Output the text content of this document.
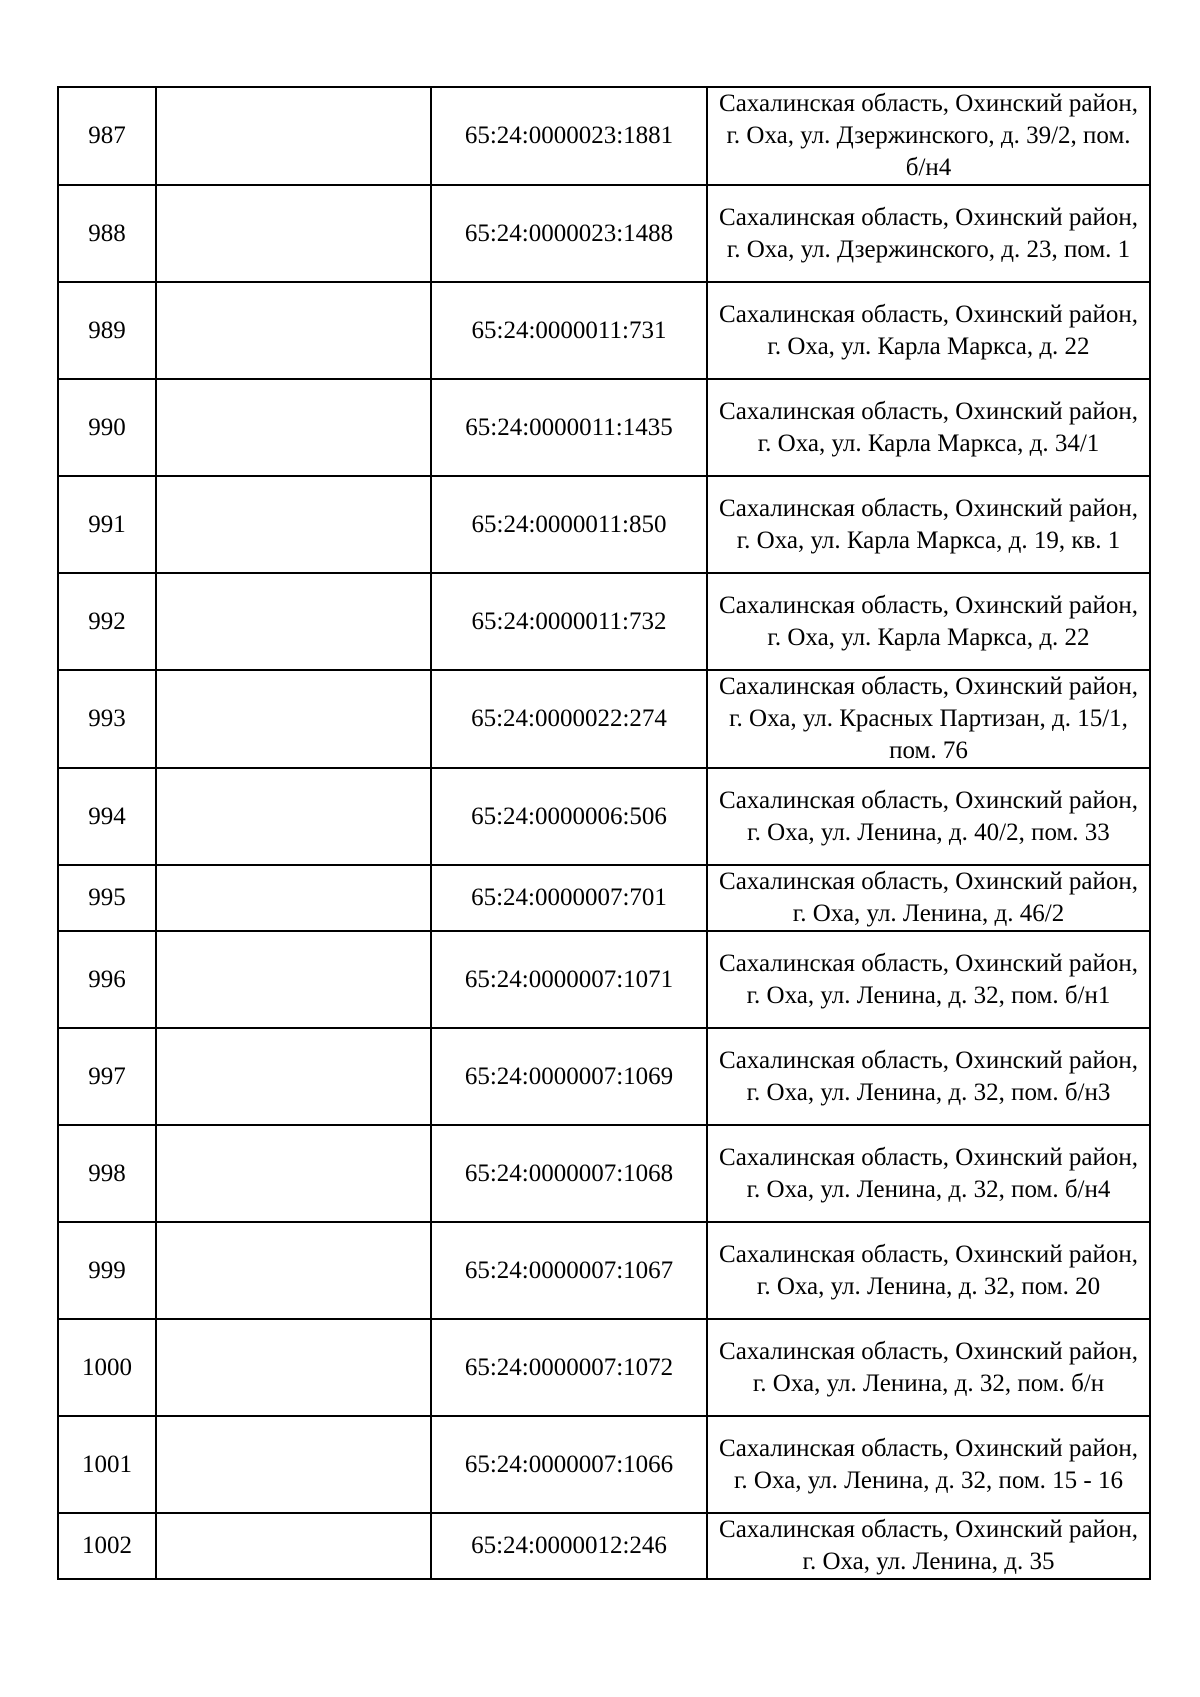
987		65:24:0000023:1881	Сахалинская область, Охинский район, г. Оха, ул. Дзержинского, д. 39/2, пом. б/н4
988		65:24:0000023:1488	Сахалинская область, Охинский район, г. Оха, ул. Дзержинского, д. 23, пом. 1
989		65:24:0000011:731	Сахалинская область, Охинский район, г. Оха, ул. Карла Маркса, д. 22
990		65:24:0000011:1435	Сахалинская область, Охинский район, г. Оха, ул. Карла Маркса, д. 34/1
991		65:24:0000011:850	Сахалинская область, Охинский район, г. Оха, ул. Карла Маркса, д. 19, кв. 1
992		65:24:0000011:732	Сахалинская область, Охинский район, г. Оха, ул. Карла Маркса, д. 22
993		65:24:0000022:274	Сахалинская область, Охинский район, г. Оха, ул. Красных Партизан, д. 15/1, пом. 76
994		65:24:0000006:506	Сахалинская область, Охинский район, г. Оха, ул. Ленина, д. 40/2, пом. 33
995		65:24:0000007:701	Сахалинская область, Охинский район, г. Оха, ул. Ленина, д. 46/2
996		65:24:0000007:1071	Сахалинская область, Охинский район, г. Оха, ул. Ленина, д. 32, пом. б/н1
997		65:24:0000007:1069	Сахалинская область, Охинский район, г. Оха, ул. Ленина, д. 32, пом. б/н3
998		65:24:0000007:1068	Сахалинская область, Охинский район, г. Оха, ул. Ленина, д. 32, пом. б/н4
999		65:24:0000007:1067	Сахалинская область, Охинский район, г. Оха, ул. Ленина, д. 32, пом. 20
1000		65:24:0000007:1072	Сахалинская область, Охинский район, г. Оха, ул. Ленина, д. 32, пом. б/н
1001		65:24:0000007:1066	Сахалинская область, Охинский район, г. Оха, ул. Ленина, д. 32, пом. 15 - 16
1002		65:24:0000012:246	Сахалинская область, Охинский район, г. Оха, ул. Ленина, д. 35
